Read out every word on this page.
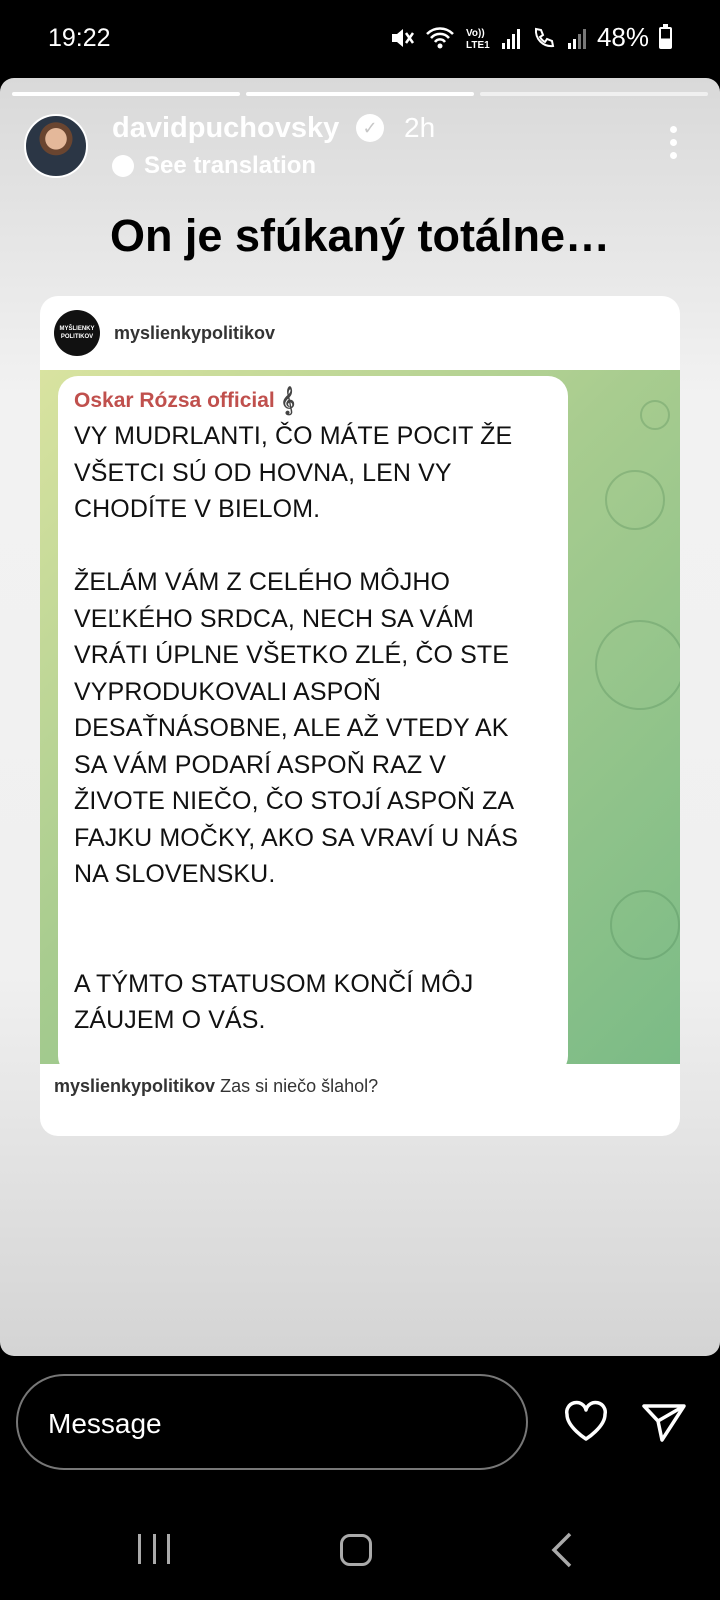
19:22	Vo))
LTE1	48%
davidpuchovsky	✓ 2h
See translation
On je sfúkaný totálne…
MYŠLIENKY POLITIKOV	myslienkypolitikov
Oskar Rózsa official 𝄞
VY MUDRLANTI, ČO MÁTE POCIT ŽE
VŠETCI SÚ OD HOVNA, LEN VY
CHODÍTE V BIELOM.

ŽELÁM VÁM Z CELÉHO MÔJHO
VEĽKÉHO SRDCA, NECH SA VÁM
VRÁTI ÚPLNE VŠETKO ZLÉ, ČO STE
VYPRODUKOVALI ASPOŇ
DESAŤNÁSOBNE, ALE AŽ VTEDY AK
SA VÁM PODARÍ ASPOŇ RAZ V
ŽIVOTE NIEČO, ČO STOJÍ ASPOŇ ZA
FAJKU MOČKY, AKO SA VRAVÍ U NÁS
NA SLOVENSKU.

A TÝMTO STATUSOM KONČÍ MÔJ
ZÁUJEM O VÁS.
myslienkypolitikov Zas si niečo šlahol?
Message
